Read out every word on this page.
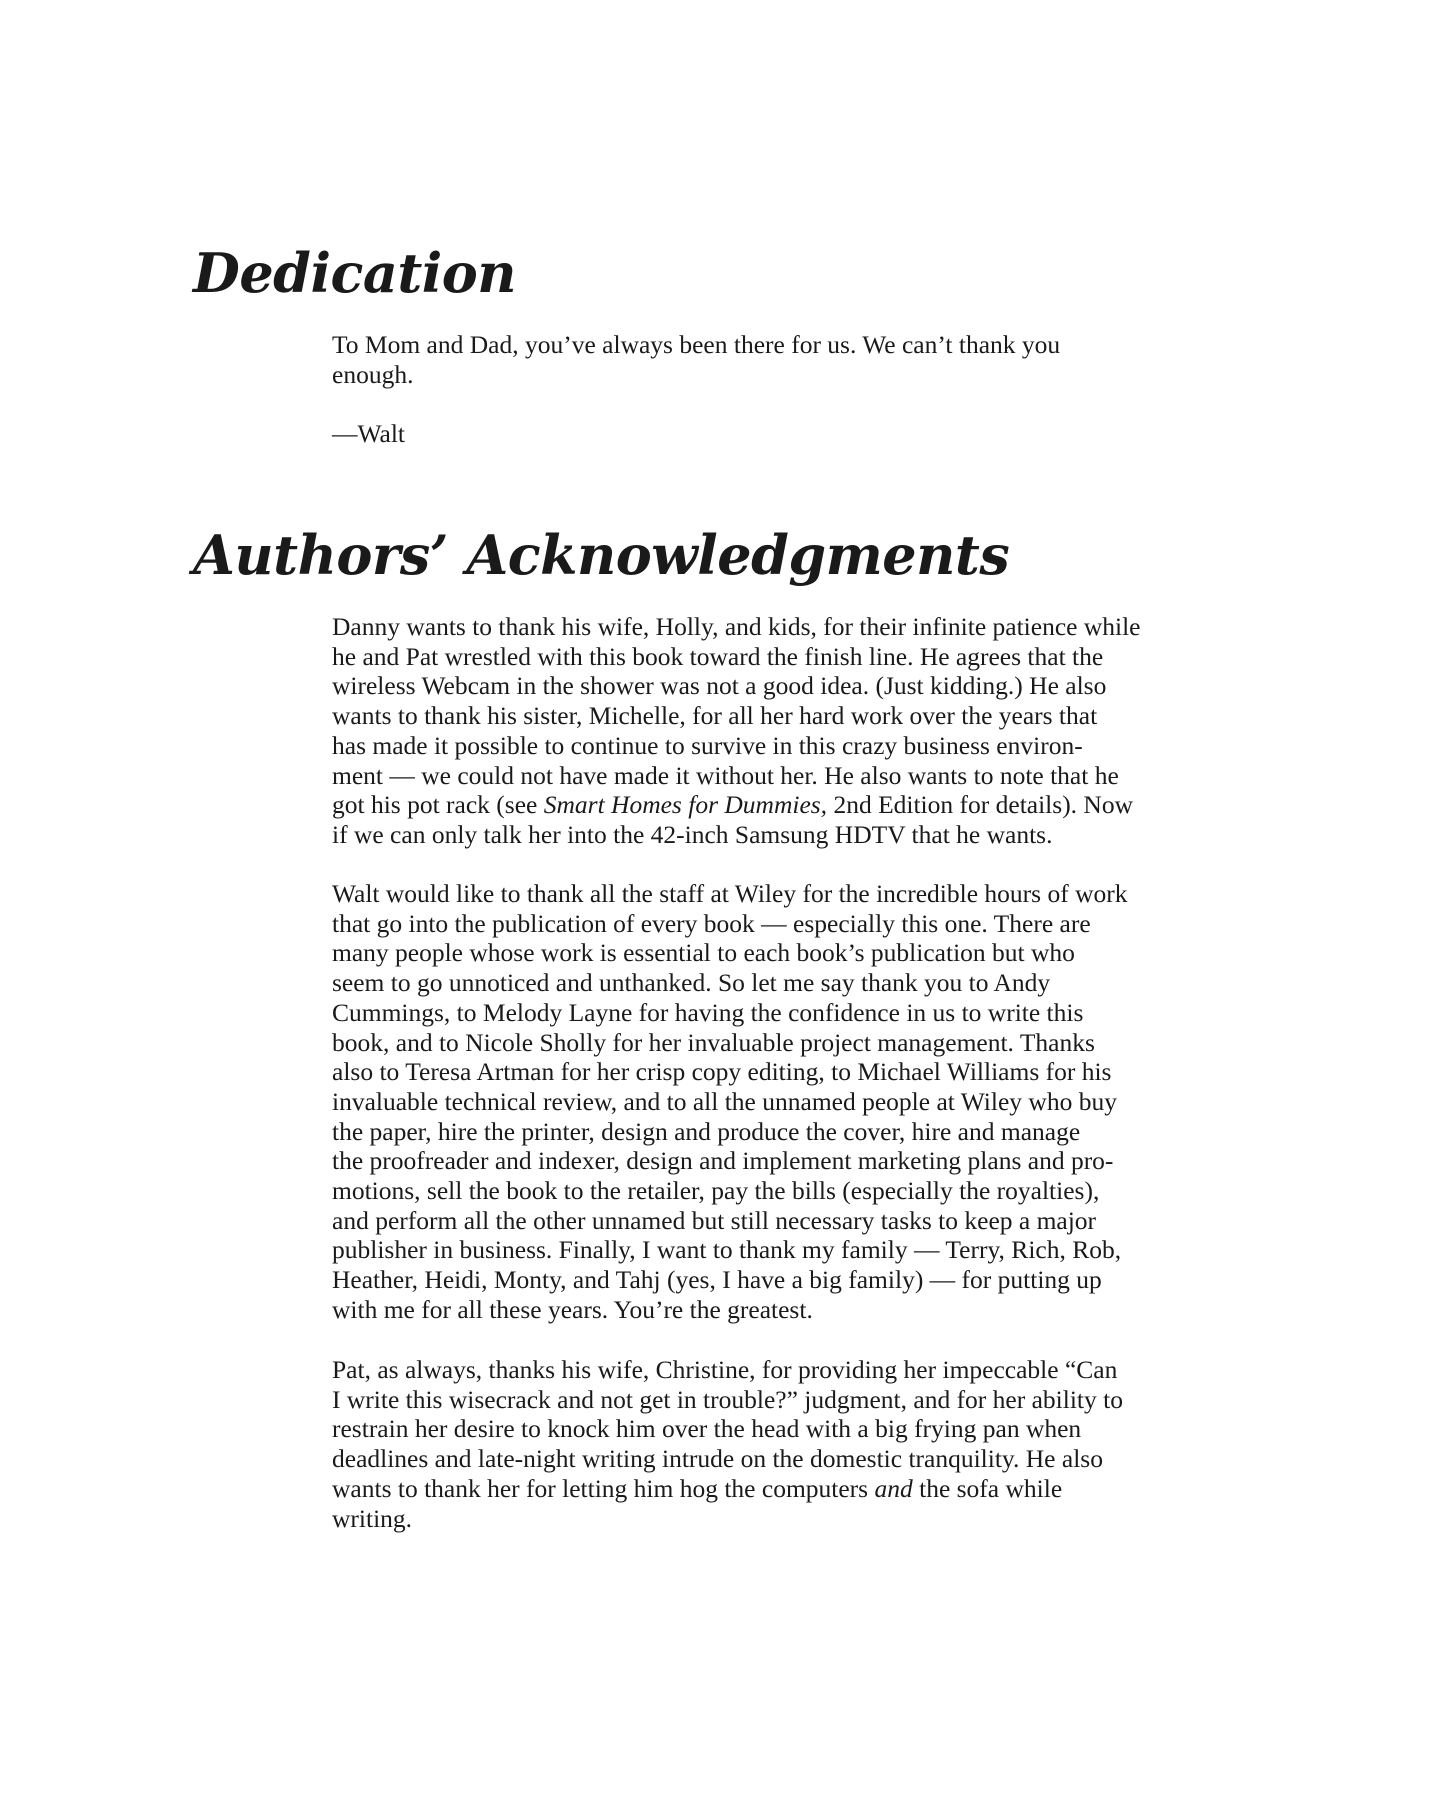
Dedication

To Mom and Dad, you’ve always been there for us. We can’t thank you
enough.

—Walt

Authors’ Acknowledgments

Danny wants to thank his wife, Holly, and kids, for their infinite patience while
he and Pat wrestled with this book toward the finish line. He agrees that the
wireless Webcam in the shower was not a good idea. (Just kidding.) He also
wants to thank his sister, Michelle, for all her hard work over the years that
has made it possible to continue to survive in this crazy business environ-
ment — we could not have made it without her. He also wants to note that he
got his pot rack (see Smart Homes for Dummies, 2nd Edition for details). Now
if we can only talk her into the 42-inch Samsung HDTV that he wants.

Walt would like to thank all the staff at Wiley for the incredible hours of work
that go into the publication of every book — especially this one. There are
many people whose work is essential to each book’s publication but who
seem to go unnoticed and unthanked. So let me say thank you to Andy
Cummings, to Melody Layne for having the confidence in us to write this
book, and to Nicole Sholly for her invaluable project management. Thanks
also to Teresa Artman for her crisp copy editing, to Michael Williams for his
invaluable technical review, and to all the unnamed people at Wiley who buy
the paper, hire the printer, design and produce the cover, hire and manage
the proofreader and indexer, design and implement marketing plans and pro-
motions, sell the book to the retailer, pay the bills (especially the royalties),
and perform all the other unnamed but still necessary tasks to keep a major
publisher in business. Finally, I want to thank my family — Terry, Rich, Rob,
Heather, Heidi, Monty, and Tahj (yes, I have a big family) — for putting up
with me for all these years. You’re the greatest.

Pat, as always, thanks his wife, Christine, for providing her impeccable “Can
I write this wisecrack and not get in trouble?” judgment, and for her ability to
restrain her desire to knock him over the head with a big frying pan when
deadlines and late-night writing intrude on the domestic tranquility. He also
wants to thank her for letting him hog the computers and the sofa while
writing.
